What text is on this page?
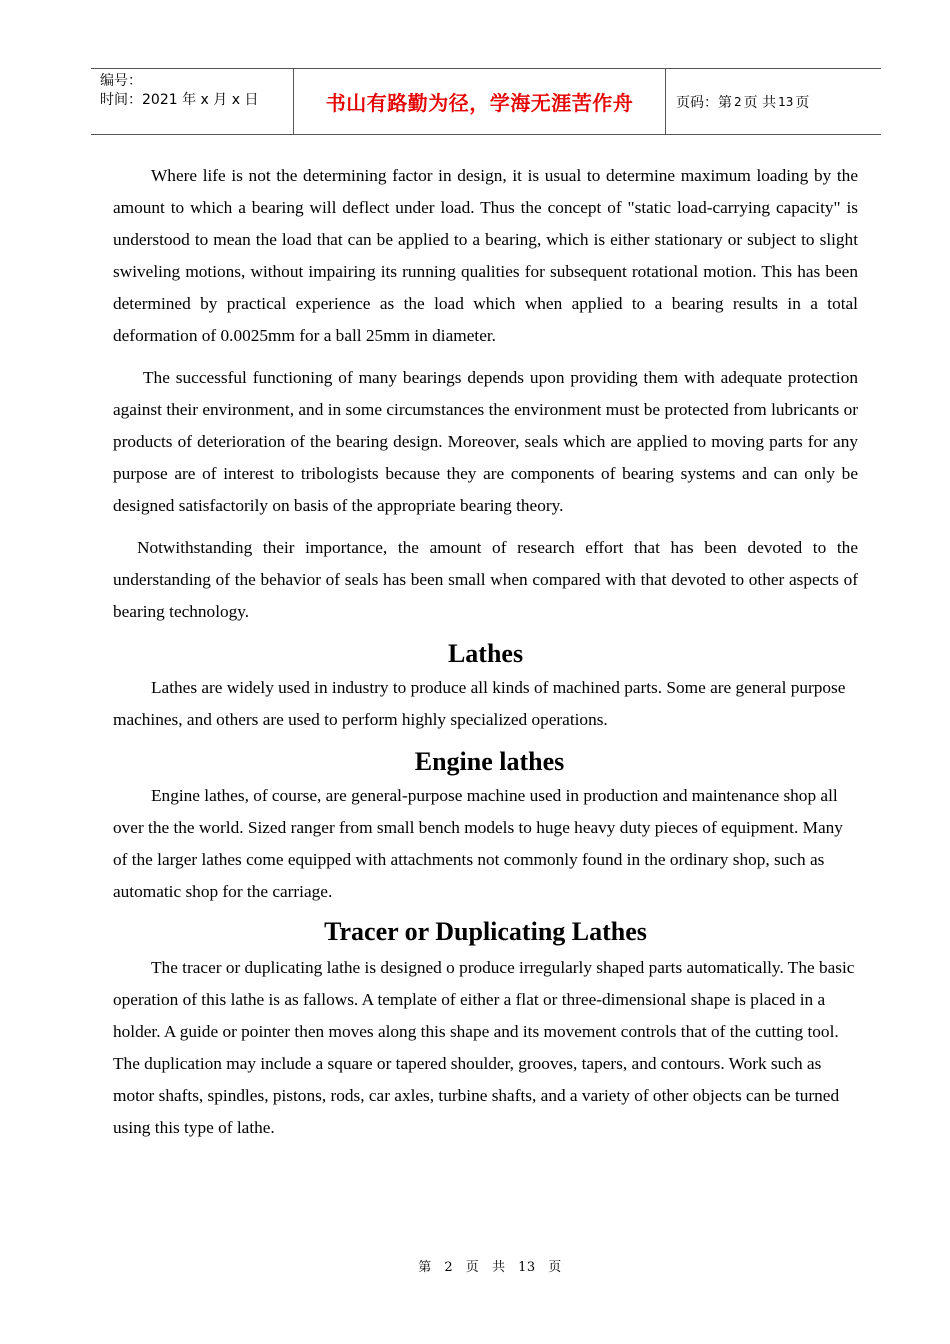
编号：
时间：2021 年 x 月 x 日	书山有路勤为径，学海无涯苦作舟	页码：第 2 页 共 13 页

Where life is not the determining factor in design, it is usual to determine maximum loading by the amount to which a bearing will deflect under load. Thus the concept of "static load-carrying capacity" is understood to mean the load that can be applied to a bearing, which is either stationary or subject to slight swiveling motions, without impairing its running qualities for subsequent rotational motion. This has been determined by practical experience as the load which when applied to a bearing results in a total deformation of 0.0025mm for a ball 25mm in diameter.

The successful functioning of many bearings depends upon providing them with adequate protection against their environment, and in some circumstances the environment must be protected from lubricants or products of deterioration of the bearing design. Moreover, seals which are applied to moving parts for any purpose are of interest to tribologists because they are components of bearing systems and can only be designed satisfactorily on basis of the appropriate bearing theory.

Notwithstanding their importance, the amount of research effort that has been devoted to the understanding of the behavior of seals has been small when compared with that devoted to other aspects of bearing technology.

Lathes

Lathes are widely used in industry to produce all kinds of machined parts. Some are general purpose machines, and others are used to perform highly specialized operations.

Engine lathes

Engine lathes, of course, are general-purpose machine used in production and maintenance shop all over the the world. Sized ranger from small bench models to huge heavy duty pieces of equipment. Many of the larger lathes come equipped with attachments not commonly found in the ordinary shop, such as automatic shop for the carriage.

Tracer or Duplicating Lathes

The tracer or duplicating lathe is designed o produce irregularly shaped parts automatically. The basic operation of this lathe is as fallows. A template of either a flat or three-dimensional shape is placed in a holder. A guide or pointer then moves along this shape and its movement controls that of the cutting tool. The duplication may include a square or tapered shoulder, grooves, tapers, and contours. Work such as motor shafts, spindles, pistons, rods, car axles, turbine shafts, and a variety of other objects can be turned using this type of lathe.

第 2 页 共 13 页
